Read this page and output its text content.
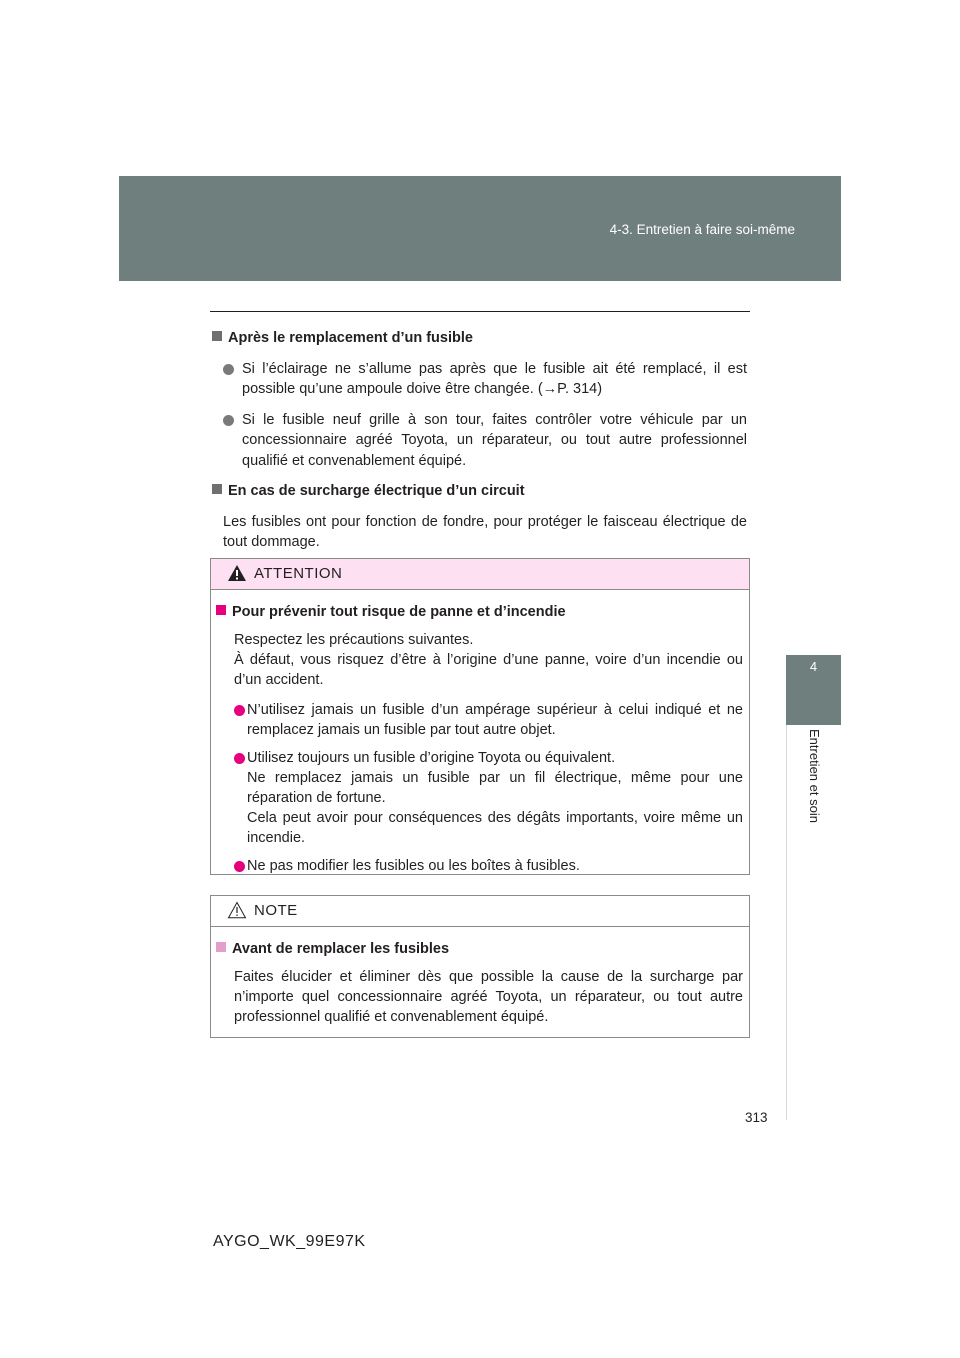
4-3. Entretien à faire soi-même
4
Entretien et soin

Après le remplacement d’un fusible

Si l’éclairage ne s’allume pas après que le fusible ait été remplacé, il est possible qu’une ampoule doive être changée. (→P. 314)

Si le fusible neuf grille à son tour, faites contrôler votre véhicule par un concessionnaire agréé Toyota, un réparateur, ou tout autre professionnel qualifié et convenablement équipé.

En cas de surcharge électrique d’un circuit

Les fusibles ont pour fonction de fondre, pour protéger le faisceau électrique de tout dommage.

ATTENTION

Pour prévenir tout risque de panne et d’incendie

Respectez les précautions suivantes.
À défaut, vous risquez d’être à l’origine d’une panne, voire d’un incendie ou d’un accident.

N’utilisez jamais un fusible d’un ampérage supérieur à celui indiqué et ne remplacez jamais un fusible par tout autre objet.

Utilisez toujours un fusible d’origine Toyota ou équivalent.
Ne remplacez jamais un fusible par un fil électrique, même pour une réparation de fortune.
Cela peut avoir pour conséquences des dégâts importants, voire même un incendie.

Ne pas modifier les fusibles ou les boîtes à fusibles.

NOTE

Avant de remplacer les fusibles

Faites élucider et éliminer dès que possible la cause de la surcharge par n’importe quel concessionnaire agréé Toyota, un réparateur, ou tout autre professionnel qualifié et convenablement équipé.

313
AYGO_WK_99E97K
